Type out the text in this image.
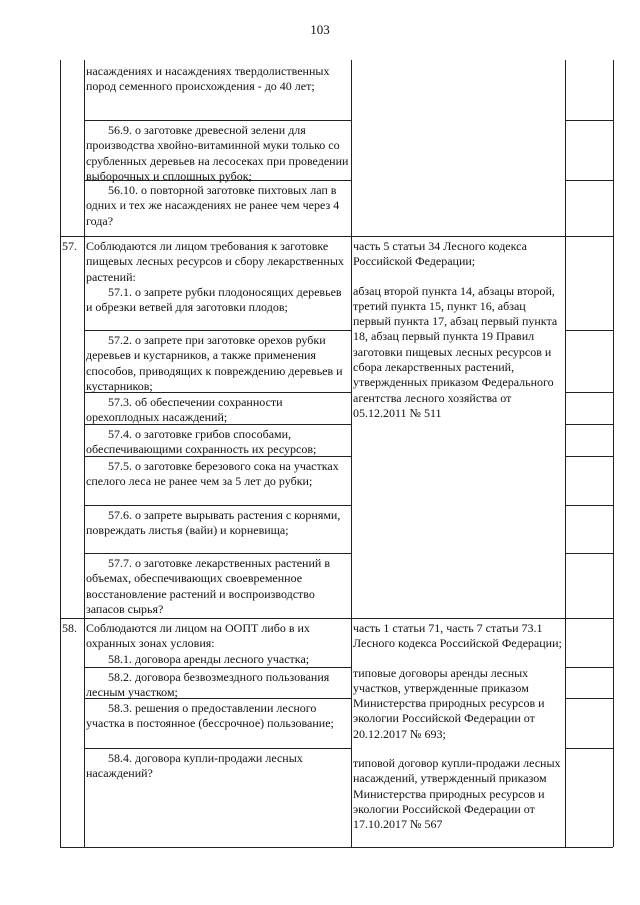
103
насаждениях и насаждениях твердолиственных пород семенного происхождения - до 40 лет;
56.9. о заготовке древесной зелени для производства хвойно-витаминной муки только со срубленных деревьев на лесосеках при проведении выборочных и сплошных рубок;
56.10. о повторной заготовке пихтовых лап в одних и тех же насаждениях не ранее чем через 4 года?
57. Соблюдаются ли лицом требования к заготовке пищевых лесных ресурсов и сбору лекарственных растений:
57.1. о запрете рубки плодоносящих деревьев и обрезки ветвей для заготовки плодов;
57.2. о запрете при заготовке орехов рубки деревьев и кустарников, а также применения способов, приводящих к повреждению деревьев и кустарников;
57.3. об обеспечении сохранности орехоплодных насаждений;
57.4. о заготовке грибов способами, обеспечивающими сохранность их ресурсов;
57.5. о заготовке березового сока на участках спелого леса не ранее чем за 5 лет до рубки;
57.6. о запрете вырывать растения с корнями, повреждать листья (вайи) и корневища;
57.7. о заготовке лекарственных растений в объемах, обеспечивающих своевременное восстановление растений и воспроизводство запасов сырья?
часть 5 статьи 34 Лесного кодекса Российской Федерации;
абзац второй пункта 14, абзацы второй, третий пункта 15, пункт 16, абзац первый пункта 17, абзац первый пункта 18, абзац первый пункта 19 Правил заготовки пищевых лесных ресурсов и сбора лекарственных растений, утвержденных приказом Федерального агентства лесного хозяйства от 05.12.2011 № 511
58. Соблюдаются ли лицом на ООПТ либо в их охранных зонах условия:
58.1. договора аренды лесного участка;
58.2. договора безвозмездного пользования лесным участком;
58.3. решения о предоставлении лесного участка в постоянное (бессрочное) пользование;
58.4. договора купли-продажи лесных насаждений?
часть 1 статьи 71, часть 7 статьи 73.1 Лесного кодекса Российской Федерации;
типовые договоры аренды лесных участков, утвержденные приказом Министерства природных ресурсов и экологии Российской Федерации от 20.12.2017 № 693;
типовой договор купли-продажи лесных насаждений, утвержденный приказом Министерства природных ресурсов и экологии Российской Федерации от 17.10.2017 № 567
